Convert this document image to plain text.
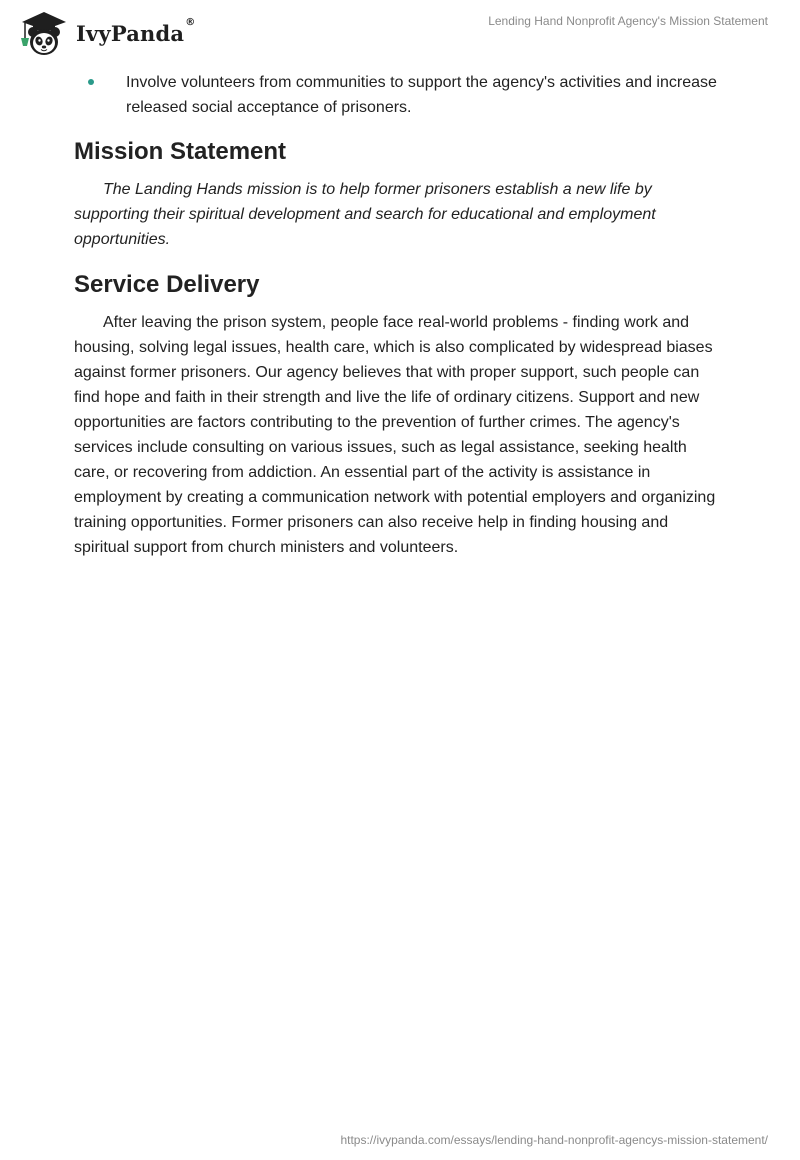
IvyPanda®	Lending Hand Nonprofit Agency's Mission Statement
Involve volunteers from communities to support the agency's activities and increase released social acceptance of prisoners.
Mission Statement

The Landing Hands mission is to help former prisoners establish a new life by supporting their spiritual development and search for educational and employment opportunities.

Service Delivery

After leaving the prison system, people face real-world problems - finding work and housing, solving legal issues, health care, which is also complicated by widespread biases against former prisoners. Our agency believes that with proper support, such people can find hope and faith in their strength and live the life of ordinary citizens. Support and new opportunities are factors contributing to the prevention of further crimes. The agency's services include consulting on various issues, such as legal assistance, seeking health care, or recovering from addiction. An essential part of the activity is assistance in employment by creating a communication network with potential employers and organizing training opportunities. Former prisoners can also receive help in finding housing and spiritual support from church ministers and volunteers.

https://ivypanda.com/essays/lending-hand-nonprofit-agencys-mission-statement/
